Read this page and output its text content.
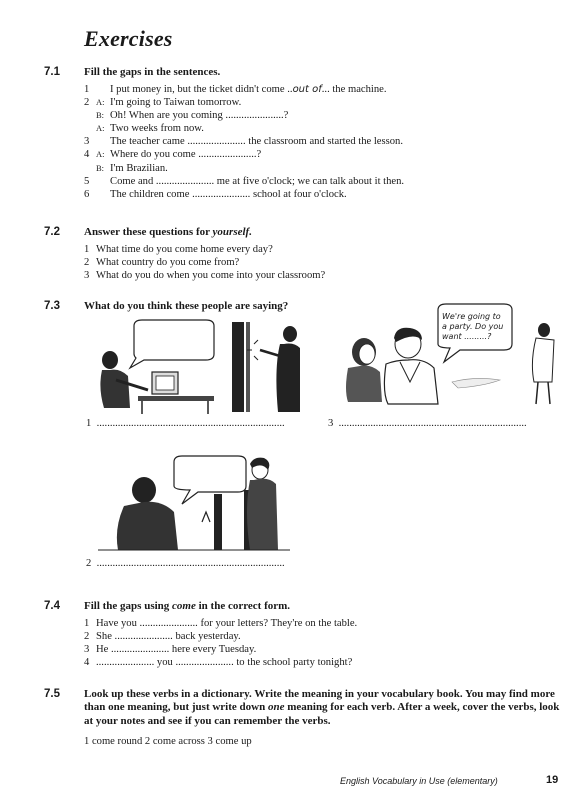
Exercises
7.1 Fill the gaps in the sentences.
1 I put money in, but the ticket didn't come ..out of... the machine.
2 A: I'm going to Taiwan tomorrow.
B: Oh! When are you coming ......................?
A: Two weeks from now.
3 The teacher came ...................... the classroom and started the lesson.
4 A: Where do you come ......................?
B: I'm Brazilian.
5 Come and ...................... me at five o'clock; we can talk about it then.
6 The children come ...................... school at four o'clock.
7.2 Answer these questions for yourself.
1 What time do you come home every day?
2 What country do you come from?
3 What do you do when you come into your classroom?
7.3 What do you think these people are saying?
We're going to
a party. Do you
want .........?
1 .......................................................................	3 .......................................................................
2 .......................................................................
7.4 Fill the gaps using come in the correct form.
1 Have you ...................... for your letters? They're on the table.
2 She ...................... back yesterday.
3 He ...................... here every Tuesday.
4 ...................... you ...................... to the school party tonight?
7.5 Look up these verbs in a dictionary. Write the meaning in your vocabulary book. You may find more than one meaning, but just write down one meaning for each verb. After a week, cover the verbs, look at your notes and see if you can remember the verbs.
1 come round 2 come across 3 come up
English Vocabulary in Use (elementary)	19
